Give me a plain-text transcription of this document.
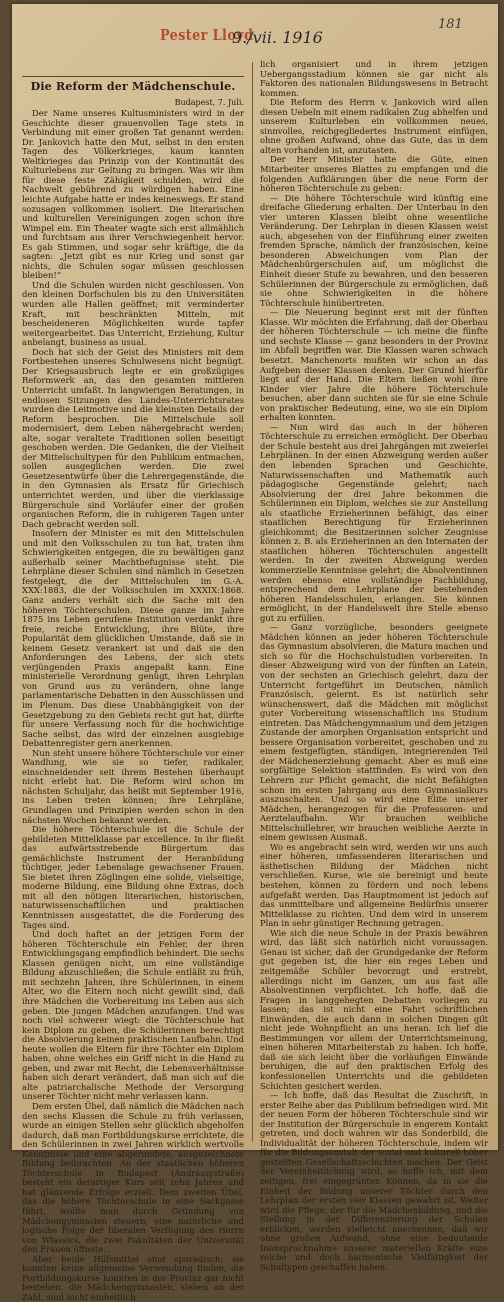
Pester Lloyd
9./vii. 1916
181
Die Reform der Mädchenschule.
Budapest, 7. Juli.

Der Name unseres Kultusministers wird in der Geschichte dieser grauenvollen Tage stets in Verbindung mit einer großen Tat genannt werden: Dr. Jankovich hatte den Mut, selbst in den ersten Tagen des Völkerkrieges, kaum kannten Weltkrieges das Prinzip von der Kontinuität des Kulturlebens zur Geltung zu bringen. Was wir ihm für diese feste Zähigkeit schulden, wird die Nachwelt gebührend zu würdigen haben. Eine leichte Aufgabe hatte er indes keineswegs. Er stand sozusagen vollkommen isoliert. Die literarischen und kulturellen Vereinigungen zogen schon ihre Wimpel ein. Ein Theater wagte sich erst allmählich und furchtsam aus ihrer Verschwiegenheit hervor. Es gab Stimmen, und sogar sehr kräftige, die da sagten: „Jetzt gibt es nur Krieg und sonst gar nichts, die Schulen sogar müssen geschlossen bleiben!“

Und die Schulen wurden nicht geschlossen. Von den kleinen Dorfschulen bis zu den Universitäten wurden alle Hallen geöffnet; mit verminderter Kraft, mit beschränkten Mitteln, mit bescheideneren Möglichkeiten wurde tapfer weitergearbeitet. Das Unterricht, Erziehung, Kultur anbelangt, business as usual.

Doch hat sich der Geist des Ministers mit dem Fortbestehen unseres Schulwesens nicht begnügt. Der Kriegsausbruch legte er ein großzügiges Reformwerk an, das den gesamten mittleren Unterricht umfaßt. In langwierigen Beratungen, in endlosen Sitzungen des Landes-Unterrichtsrates wurden die Leitmotive und die kleinsten Details der Reform besprochen. Die Mittelschule soll modernisiert, dem Leben nähergebracht werden; alte, sogar veraltete Traditionen sollen beseitigt geschoben werden. Die Gedanken, die der Vielheit der Mittelschultypen für den Publikum entmachen, sollen ausgeglichen werden. Die zwei Gesetzesentwürfe über die Lehrergegenstände, die in den Gymnasien als Ersatz für Griechisch unterrichtet werden, und über die vierklassige Bürgerschule sind Vorläufer einer der großen organischen Reform, die in ruhigeren Tagen unter Dach gebracht werden soll.

Insofern der Minister es mit den Mittelschulen und mit den Volksschulen zu tun hat, traten ihm Schwierigkeiten entgegen, die zu bewältigen ganz außerhalb seiner Machtbefugnisse steht. Die Lehrpläne dieser Schulen sind nämlich in Gesetzen festgelegt, die der Mittelschulen im G.-A. XXX:1883, die der Volksschulen im XXXIX:1868. Ganz anders verhält sich die Sache mit den höheren Töchterschulen. Diese ganze im Jahre 1875 ins Leben gerufene Institution verdankt ihre freie, reiche Entwicklung, ihre Blüte, ihre Popularität dem glücklichen Umstande, daß sie in keinem Gesetz verankert ist und daß sie den Anforderungen des Lebens, der sich stets verjüngenden Praxis angepaßt kann. Eine ministerielle Verordnung genügt, ihren Lehrplan von Grund aus zu verändern, ohne lange parlamentarische Debatten in den Ausschüssen und im Plenum. Das diese Unabhängigkeit von der Gesetzgebung zu den Gebiets recht gut hat, dürfte für unsere Verfassung noch für die hochwichtige Sache selbst, das wird der einzelnen ausgiebige Debattenregister gern anerkennen.

Nun steht unsere höhere Töchterschule vor einer Wandlung, wie sie so tiefer, radikaler, einschneidender seit ihrem Bestehen überhaupt nicht erlebt hat. Die Reform wird schon im nächsten Schuljahr, das heißt mit September 1916, ins Leben treten können; ihre Lehrpläne, Grundlagen und Prinzipien werden schon in den nächsten Wochen bekannt werden.

Die höhere Töchterschule ist die Schule der gebildeten Mittelklasse par excellence. In ihr fließt das aufwärtsstrebende Bürgertum das gemächlichste Instrument der Heranbildung tüchtiger, jeder Lebenslage gewachsener Frauen. Sie bietet ihren Zöglingen eine solide, vielseitige, moderne Bildung, eine Bildung ohne Extras, doch mit all den nötigen literarischen, historischen, naturwissenschaftlichen und praktischen Kenntnissen ausgestattet, die die Forderung des Tages sind.

Und doch haftet an der jetzigen Form der höheren Töchterschule ein Fehler, der ihren Entwicklungsgang empfindlich behindert. Die sechs Klassen genügen nicht, um eine vollständige Bildung abzuschließen; die Schule entläßt zu früh, mit sechzehn Jahren, ihre Schülerinnen, in einem Alter, wo die Eltern noch nicht gewillt sind, daß ihre Mädchen die Vorbereitung ins Leben aus sich geben. Die jungen Mädchen anzufangen. Und was noch viel schwerer wiegt: die Töchterschule hat kein Diplom zu geben, die Schülerinnen berechtigt die Absolvierung keinen praktischen Laufbahn. Und heute wollen die Eltern für ihre Töchter ein Diplom haben, ohne welches ein Griff nicht in die Hand zu geben, und zwar mit Recht, die Lebensverhältnisse haben sich derart verändert, daß man sich auf die alte patriarchalische Methode der Versorgung unserer Töchter nicht mehr verlassen kann.

Dem ersten Übel, daß nämlich die Mädchen nach den sechs Klassen die Schule zu früh verlassen, wurde an einigen Stellen sehr glücklich abgeholfen dadurch, daß man Fortbildungskurse errichtete, die den Schülerinnen in zwei Jahren wirklich wertvolle Kenntnisse und eine abgerundete, ausgezeichnete Bildung beibrachten. An der staatlichen höheren Töchterschule in Budapest (Andrássystraße) besteht ein derartiger Kurs seit zehn Jahren und hat glänzende Erfolge erzielt. Dem zweiten Übel, das die höhere Töchterschule in eine Sackgasse führt, wollte man durch Gründung von Mädchengymnasien steuern, eine natürliche und logische Folge der liberalen Verfügung des Herrn von Wlassics, die zwei Fakultäten der Universität den Frauen öffnete.

Aber beide Hilfsmittel sind sporadisch; sie konnten keine allgemeine Verwendung finden, die Fortbildungskurse konnten in der Provinz gar nicht bestehen, die Mädchengymnasien, sieben an der Zahl, sind nicht einheitlich

lich organisiert und in ihrem jetzigen Uebergangsstadium können sie gar nicht als Faktoren des nationalen Bildungswesens in Betracht kommen.

Die Reform des Herrn v. Jankovich wird allen diesen Uebeln mit einem radikalen Zug abhelfen und unserem Kulturleben ein vollkommen neues, sinnvolles, reichgegliedertes Instrument einfügen, ohne großen Aufwand, ohne das Gute, das in dem alten vorhanden ist, anzutasten.

Der Herr Minister hatte die Güte, einen Mitarbeiter unseres Blattes zu empfangen und die folgenden Aufklärungen über die neue Form der höheren Töchterschule zu geben:

— Die höhere Töchterschule wird künftig eine dreifache Gliederung erhalten. Der Unterbau in den vier unteren Klassen bleibt ohne wesentliche Veränderung. Der Lehrplan in diesen Klassen weist auch, abgesehen von der Einführung einer zweiten fremden Sprache, nämlich der französischen, keine besonderen Abweichungen vom Plan der Mädchenbürgerschulen auf, um möglichst die Einheit dieser Stufe zu bewahren, und den besseren Schülerinnen der Bürgerschule zu ermöglichen, daß sie ohne Schwierigkeiten in die höhere Töchterschule hinübertreten.

— Die Neuerung beginnt erst mit der fünften Klasse. Wir möchten die Erfahrung, daß der Oberbau der höheren Töchterschule — ich meine die fünfte und sechste Klasse — ganz besonders in der Provinz im Abfall begriffen war. Die Klassen waren schwach besetzt. Manchenorts mußten wir schon an das Aufgeben dieser Klassen denken. Der Grund hierfür liegt auf der Hand. Die Eltern ließen wohl ihre Kinder vier Jahre die höhere Töchterschule besuchen, aber dann suchten sie für sie eine Schule von praktischer Bedeutung, eine, wo sie ein Diplom erhalten konnten.

— Nun wird das auch in der höheren Töchterschule zu erreichen ermöglicht. Der Oberbau der Schule besteht aus drei Jahrgängen mit zweierlei Lehrplänen. In der einen Abzweigung werden außer den lebenden Sprachen und Geschichte, Naturwissenschaften und Mathematik auch pädagogische Gegenstände gelehrt; nach Absolvierung der drei Jahre bekommen die Schülerinnen ein Diplom, welches sie zur Anstellung als staatliche Erzieherinnen befähigt, das einer staatlichen Berechtigung für Erzieherinnen gleichkommt; die Besitzerinnen solcher Zeugnisse können z. B. als Erzieherinnen an den Internaten der staatlichen höheren Töchterschulen angestellt werden. In der zweiten Abzweigung werden kommerzielle Kenntnisse gelehrt; die Absolventinnen werden ebenso eine vollständige Fachbildung, entsprechend dem Lehrplane der bestehenden höheren Handelsschulen, erlangen. Sie können ermöglicht, in der Handelswelt ihre Stelle ebenso gut zu erfüllen.

— Ganz vorzügliche, besonders geeignete Mädchen können an jeder höheren Töchterschule das Gymnasium absolvieren, die Matura machen und sich so für die Hochschulstudien vorbereiten. In dieser Abzweigung wird von der fünften an Latein, von der sechsten an Griechisch gelehrt, dazu der Unterricht fortgeführt im Deutschen, nämlich Französisch, gelernt. Es ist natürlich sehr wünschenswert, daß die Mädchen mit möglichst guter Vorbereitung wissenschaftlich ins Studium eintreten. Das Mädchengymnasium und dem jetzigen Zustande der amorphen Organisation entspricht und bessere Organisation vorbereitet, geschoben und zu einem festgefügten, ständigen, integrierenden Teil der Mädchenerziehung gemacht. Aber es muß eine sorgfältige Selektion stattfinden. Es wird von den Lehrern zur Pflicht gemacht, die nicht Befähigten schon im ersten Jahrgang aus dem Gymnasialkurs auszuschalten. Und so wird eine Elite unserer Mädchen, herangezogen für die Professoren- und Aerztelaufbahn. Wir brauchen weibliche Mittelschullehrer, wir brauchen weibliche Aerzte in einem gewissen Ausmaß.

Wo es angebracht sein wird, werden wir uns auch einer höheren, umfassenderen literarischen und ästhetischen Bildung der Mädchen nicht verschließen. Kurse, wie sie bereinigt und heute bestehen, können zu fördern und noch lebens aufgefaßt werden. Das Hauptmoment ist jedoch auf das unmittelbare und allgemeine Bedürfnis unserer Mittelklasse zu richten. Und dem wird in unserem Plan in sehr günstiger Rechnung getragen.

Wie sich die neue Schule in der Praxis bewähren wird, das läßt sich natürlich nicht voraussagen. Genau ist sicher, daß der Grundgedanke der Reform gut gegeben ist, die hier ein reges Leben und zeitgemäße Schüler bevorzugt und erstrebt, allerdings nicht im Ganzen, um aus fast alle Absolventinnen verpflichtet. Ich hoffe, daß die Fragen in langgehegten Debatten vorliegen zu lassen; das ist nicht eine Fahrt schriftlichen Einwänden, die auch dann in solchen Dingen gilt nicht jede Wohnpflicht an uns heran. Ich lief die Bestimmungen vor allem der Unterrichtsmeinung, einen höheren Mitarbeiterstab zu haben. Ich hoffe, daß sie sich leicht über die vorläufigen Einwände beruhigen, die auf den praktischen Erfolg des konfessionellen Unterrichts und die gebildeten Schichten gesichert werden.

— Ich hoffe, daß das Resultat die Zuschrift, in erster Reihe aber das Publikum befriedigen wird. Mit der neuen Form der höheren Töchterschule sind wir der Institution der Bürgerschule in engerem Kontakt getreten, und doch wahren wir das Sonderbild, die Individualität der höheren Töchterschule, indem wir für die Bildungsanstalt der sozial und kulturell höher gestellten Gesellschaftsschichten machen. Der Geist der Vereinheitlichung wird, so hoffe ich, mit dem zeitigen, frei eingegrünten Können, da in sie die Einheit der Bildung unserer Töchter durch den Lehrplan der ersten vier Klassen gewahrt ist. Weiter wird die Pflege, der für die Mädchenbildung, und die Stellung in der Differenzierung der Schulen erblicken, werden vielleicht anerkennen, daß wir ohne großen Aufwand, ohne eine bedeutende Inanspruchnahme unserer materiellen Kräfte eine reiche und doch harmonische Vielfältigkeit der Schultypen geschaffen haben.
